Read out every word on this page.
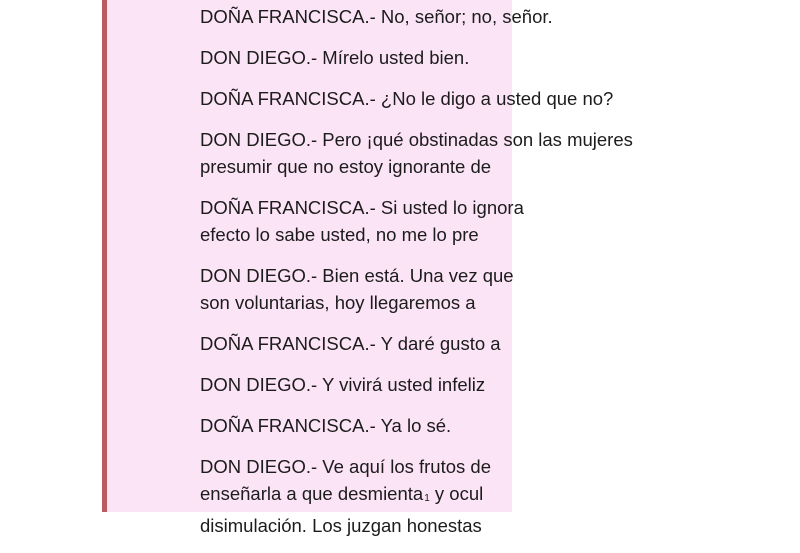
DOÑA FRANCISCA.- No, señor; no, señor.

DON DIEGO.- Mírelo usted bien.

DOÑA FRANCISCA.- ¿No le digo a usted que no?

DON DIEGO.- Pero ¡qué obstinadas son las mujeres
presumir que no estoy ignorante de

DOÑA FRANCISCA.- Si usted lo ignora
efecto lo sabe usted, no me lo pre

DON DIEGO.- Bien está. Una vez que
son voluntarias, hoy llegaremos a

DOÑA FRANCISCA.- Y daré gusto a

DON DIEGO.- Y vivirá usted infeliz

DOÑA FRANCISCA.- Ya lo sé.

DON DIEGO.- Ve aquí los frutos de
enseñarla a que desmienta$_1$ y ocul
disimulación. Los juzgan honestas
